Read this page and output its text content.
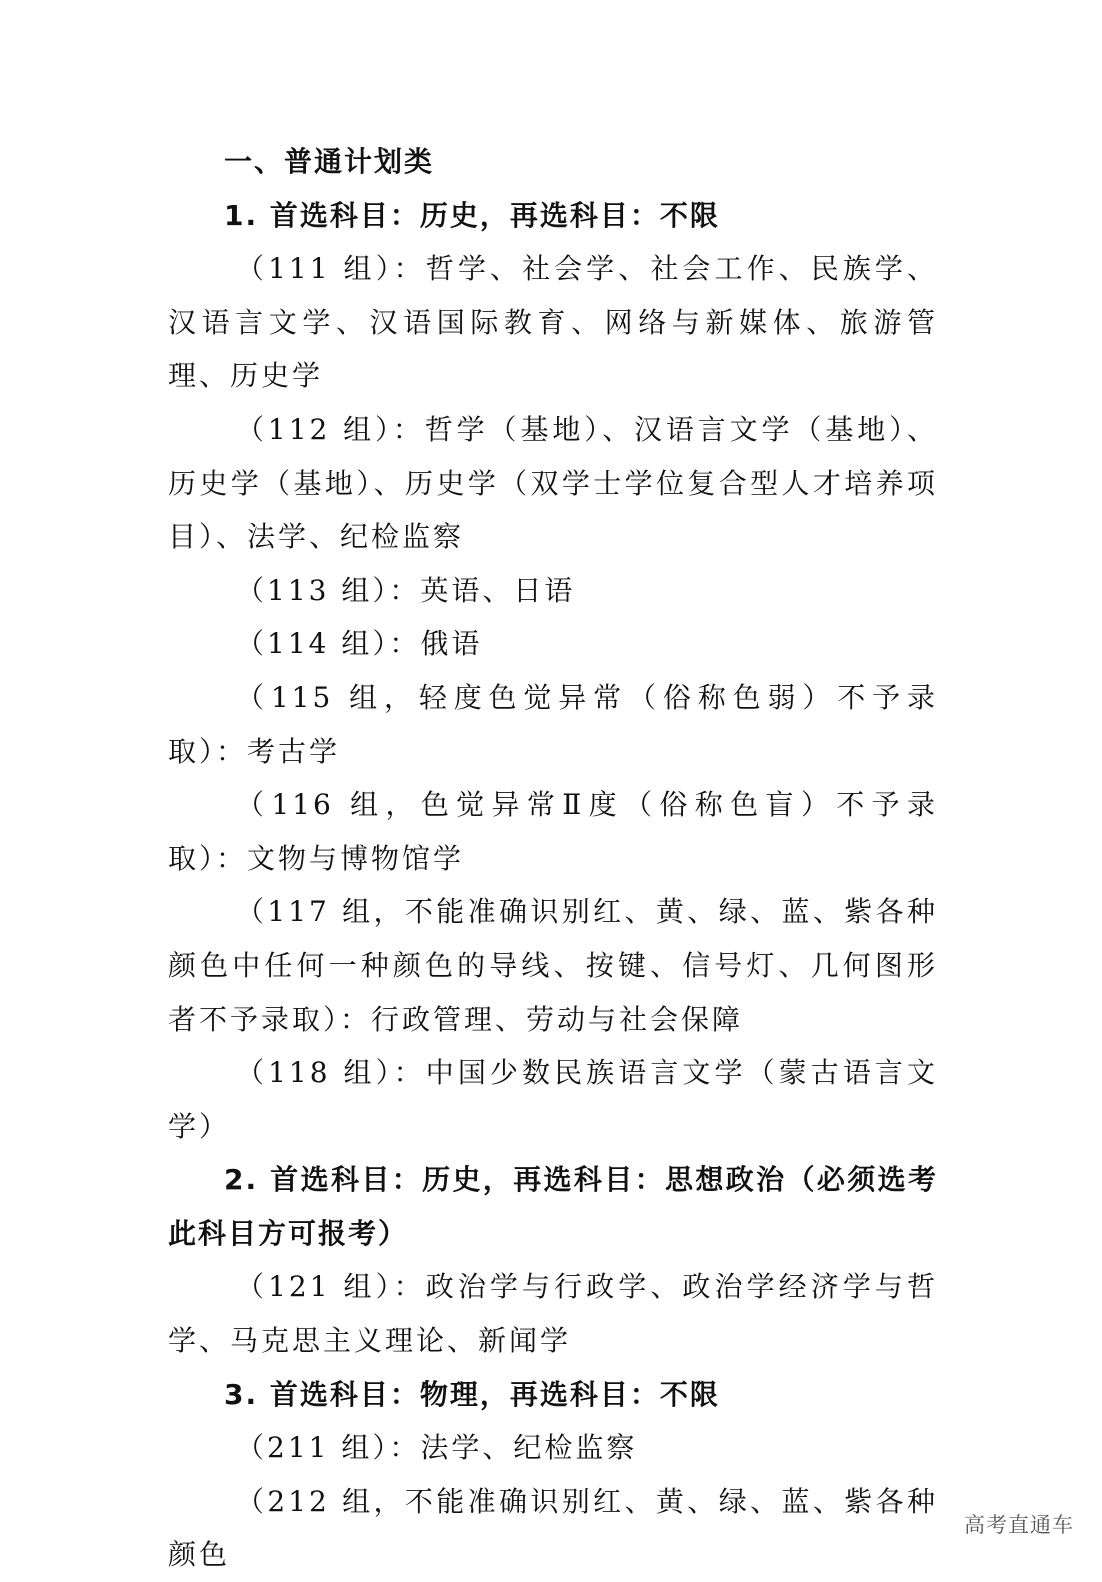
一、普通计划类

1. 首选科目：历史，再选科目：不限

（111 组）：哲学、社会学、社会工作、民族学、汉语言文学、汉语国际教育、网络与新媒体、旅游管理、历史学

（112 组）：哲学（基地）、汉语言文学（基地）、历史学（基地）、历史学（双学士学位复合型人才培养项目）、法学、纪检监察

（113 组）：英语、日语

（114 组）：俄语

（115 组，轻度色觉异常（俗称色弱）不予录取）：考古学

（116 组，色觉异常Ⅱ度（俗称色盲）不予录取）：文物与博物馆学

（117 组，不能准确识别红、黄、绿、蓝、紫各种颜色中任何一种颜色的导线、按键、信号灯、几何图形者不予录取）：行政管理、劳动与社会保障

（118 组）：中国少数民族语言文学（蒙古语言文学）

2. 首选科目：历史，再选科目：思想政治（必须选考此科目方可报考）

（121 组）：政治学与行政学、政治学经济学与哲学、马克思主义理论、新闻学

3. 首选科目：物理，再选科目：不限

（211 组）：法学、纪检监察

（212 组，不能准确识别红、黄、绿、蓝、紫各种颜色

高考直通车
